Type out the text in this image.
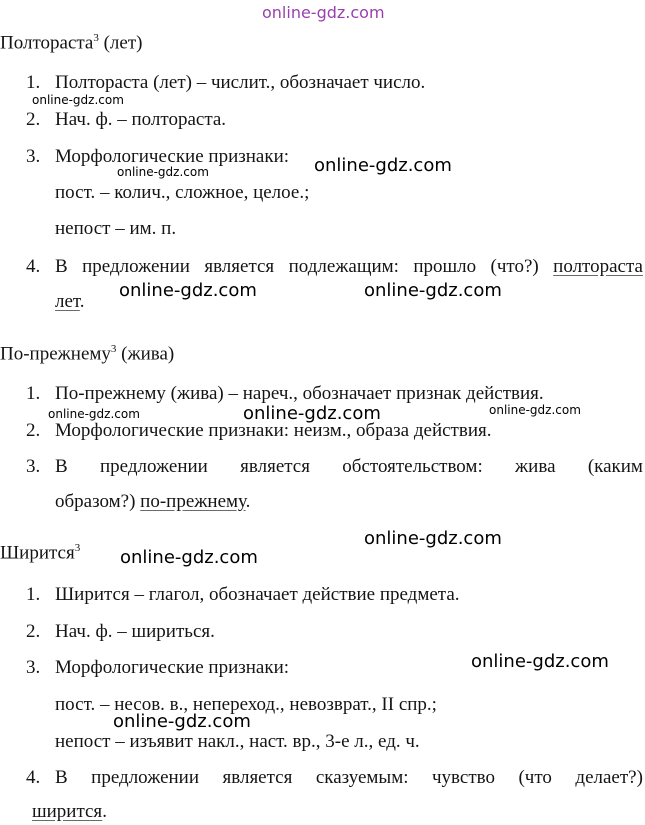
online-gdz.com
Полтораста$^3$ (лет)
1. Полтораста (лет) – числит., обозначает число.
2. Нач. ф. – полтораста.
3. Морфологические признаки:
пост. – колич., сложное, целое.;
непост – им. п.
4. В предложении является подлежащим: прошло (что?) полтораста
лет.
По-прежнему$^3$ (жива)
1. По-прежнему (жива) – нареч., обозначает признак действия.
2. Морфологические признаки: неизм., образа действия.
3. В предложении является обстоятельством: жива (каким
образом?) по-прежнему.
Ширится$^3$
1. Ширится – глагол, обозначает действие предмета.
2. Нач. ф. – шириться.
3. Морфологические признаки:
пост. – несов. в., непереход., невозврат., II спр.;
непост – изъявит накл., наст. вр., 3-е л., ед. ч.
4. В предложении является сказуемым: чувство (что делает?)
ширится.
online-gdz.com
online-gdz.com
online-gdz.com
online-gdz.com	online-gdz.com
online-gdz.com	online-gdz.com	online-gdz.com
online-gdz.com
online-gdz.com
online-gdz.com
online-gdz.com
